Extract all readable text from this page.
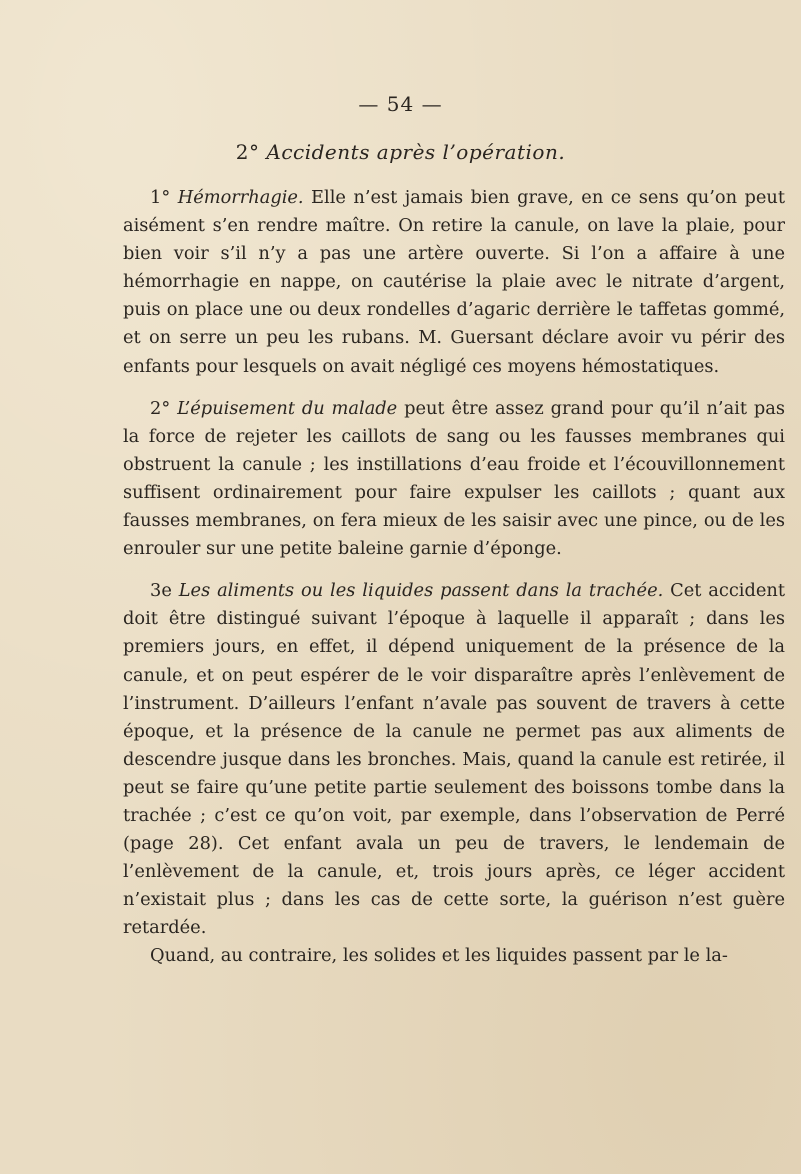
— 54 —
2° Accidents après l’opération.

1° Hémorrhagie. Elle n’est jamais bien grave, en ce sens qu’on peut aisément s’en rendre maître. On retire la canule, on lave la plaie, pour bien voir s’il n’y a pas une artère ouverte. Si l’on a affaire à une hémorrhagie en nappe, on cautérise la plaie avec le nitrate d’argent, puis on place une ou deux rondelles d’agaric derrière le taffetas gommé, et on serre un peu les rubans. M. Guersant déclare avoir vu périr des enfants pour lesquels on avait négligé ces moyens hémostatiques.

2° L’épuisement du malade peut être assez grand pour qu’il n’ait pas la force de rejeter les caillots de sang ou les fausses membranes qui obstruent la canule ; les instillations d’eau froide et l’écouvillonnement suffisent ordinairement pour faire expulser les caillots ; quant aux fausses membranes, on fera mieux de les saisir avec une pince, ou de les enrouler sur une petite baleine garnie d’éponge.

3e Les aliments ou les liquides passent dans la trachée. Cet accident doit être distingué suivant l’époque à laquelle il apparaît ; dans les premiers jours, en effet, il dépend uniquement de la présence de la canule, et on peut espérer de le voir disparaître après l’enlèvement de l’instrument. D’ailleurs l’enfant n’avale pas souvent de travers à cette époque, et la présence de la canule ne permet pas aux aliments de descendre jusque dans les bronches. Mais, quand la canule est retirée, il peut se faire qu’une petite partie seulement des boissons tombe dans la trachée ; c’est ce qu’on voit, par exemple, dans l’observation de Perré (page 28). Cet enfant avala un peu de travers, le lendemain de l’enlèvement de la canule, et, trois jours après, ce léger accident n’existait plus ; dans les cas de cette sorte, la guérison n’est guère retardée.

Quand, au contraire, les solides et les liquides passent par le la-
